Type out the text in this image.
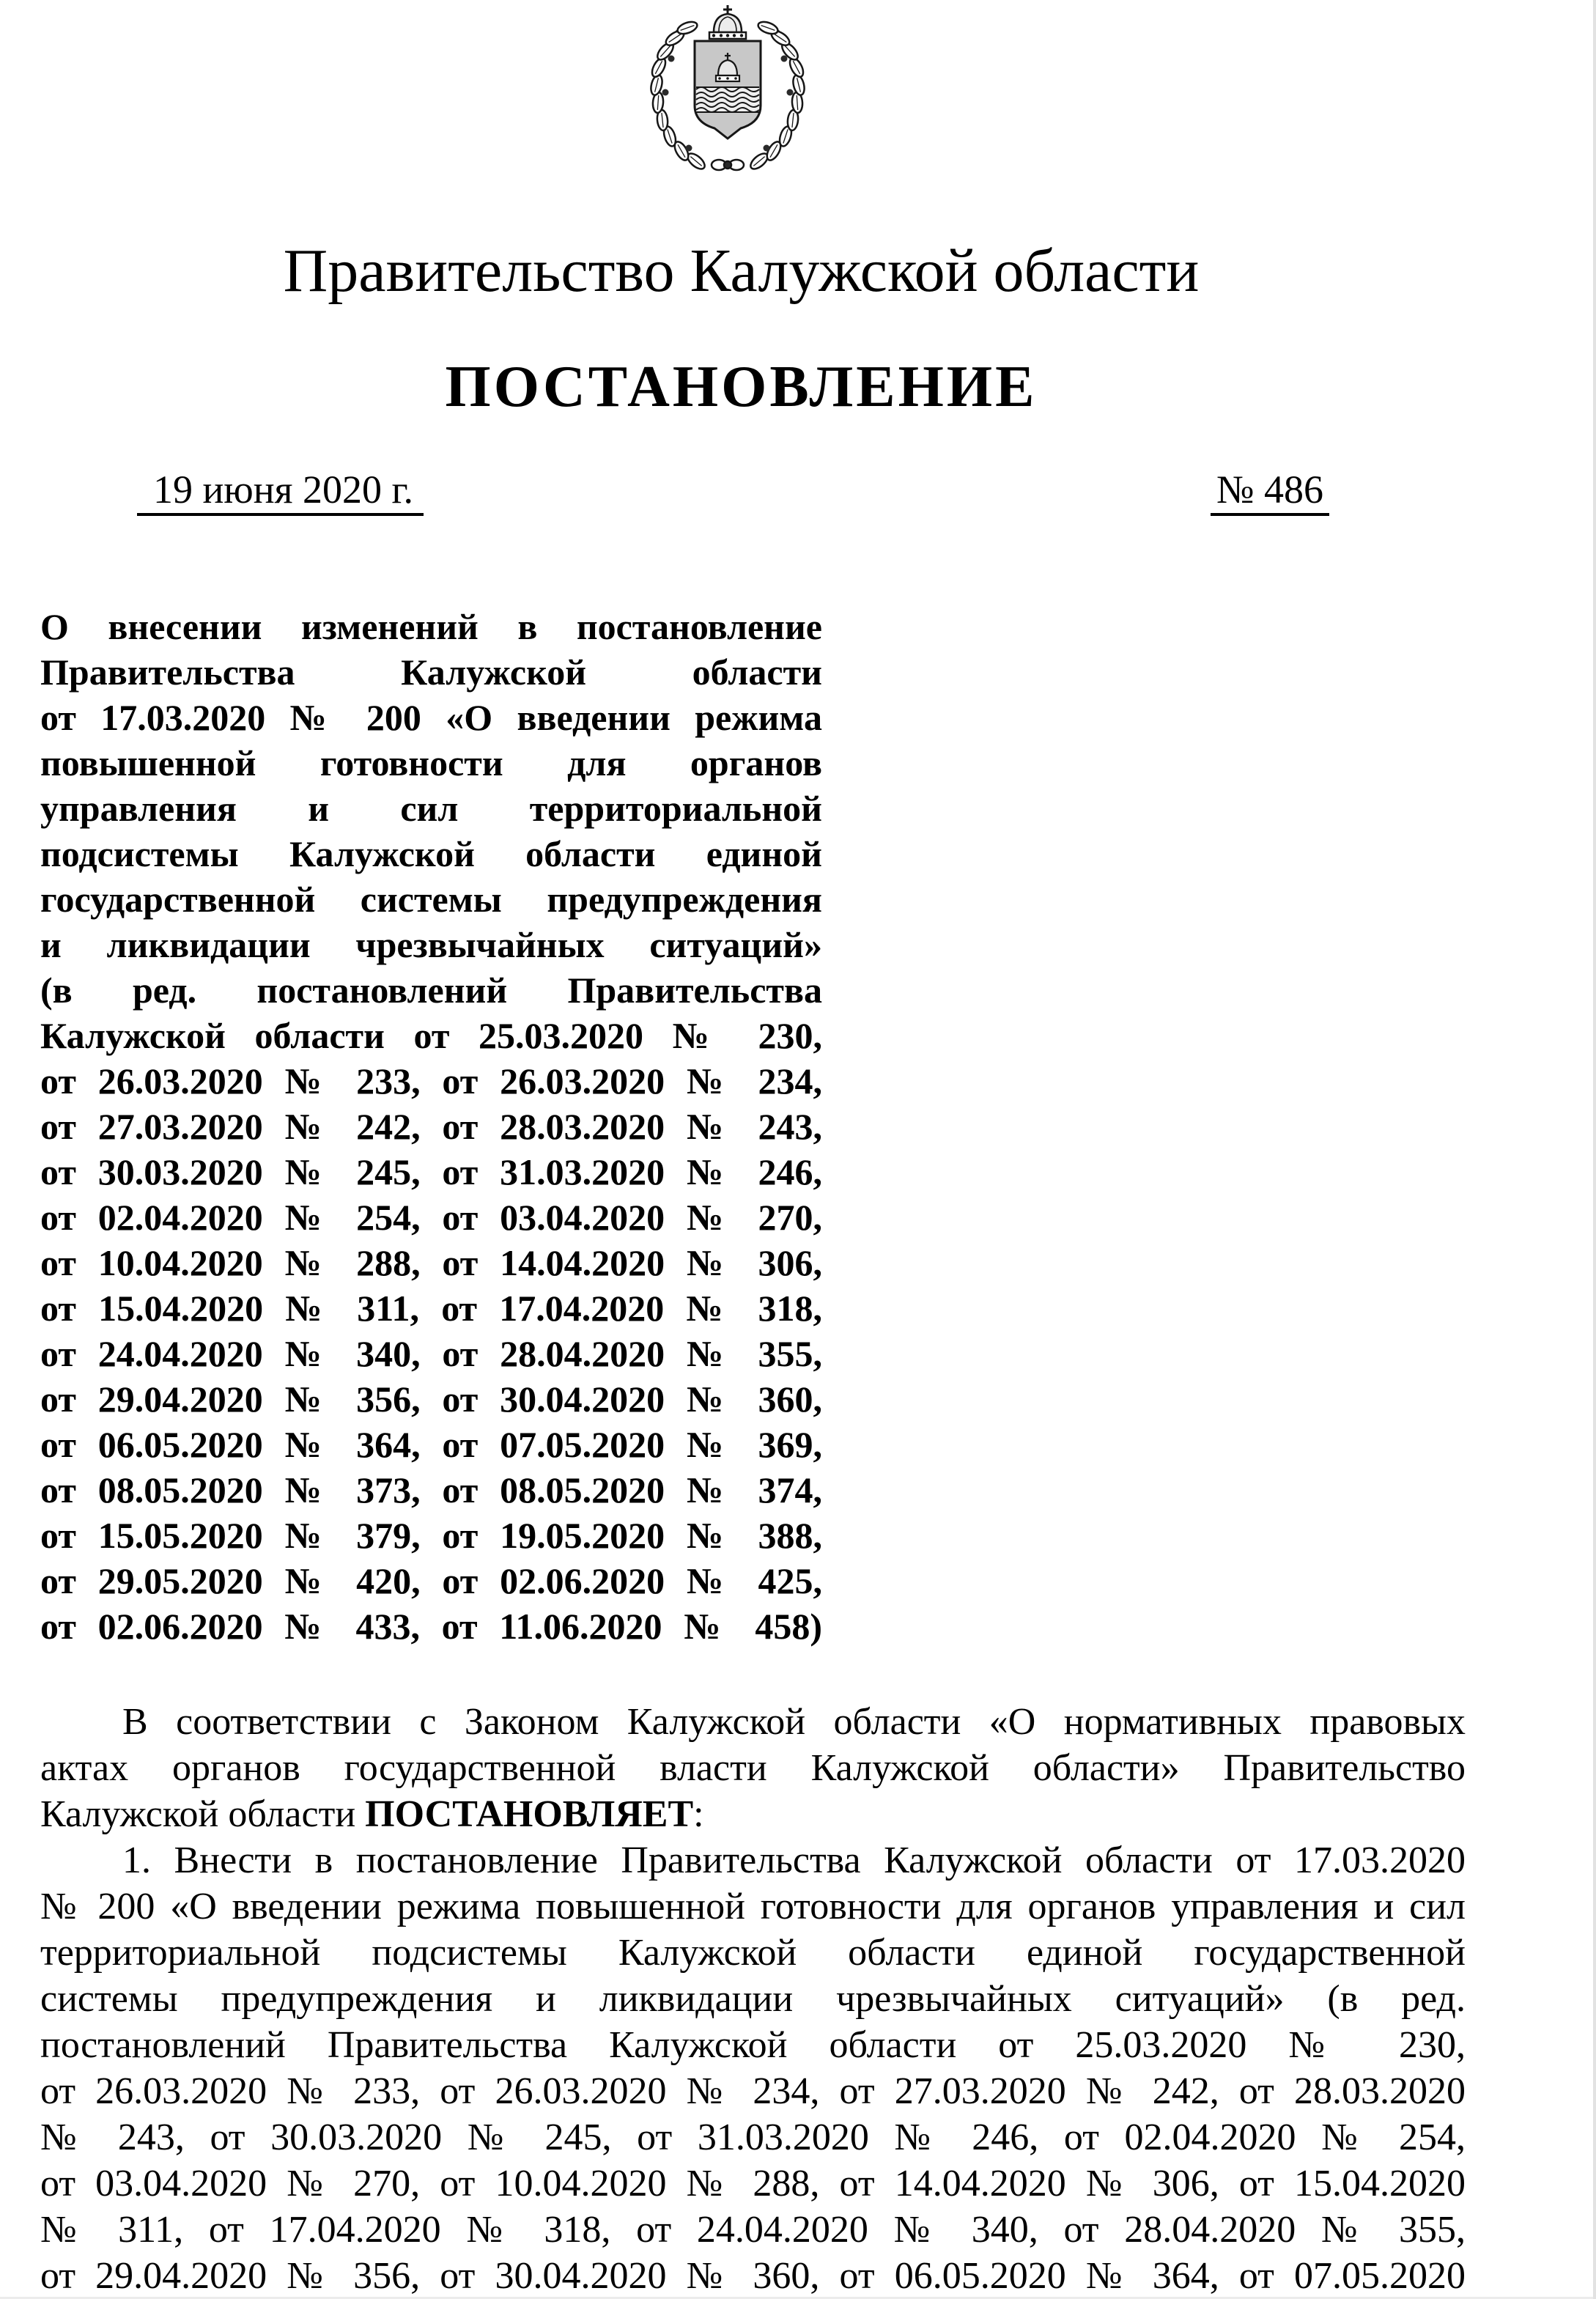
Правительство Калужской области
ПОСТАНОВЛЕНИЕ
19 июня 2020 г.	№ 486
О внесении изменений в постановление
Правительства Калужской области
от 17.03.2020 № 200 «О введении режима
повышенной готовности для органов
управления и сил территориальной
подсистемы Калужской области единой
государственной системы предупреждения
и ликвидации чрезвычайных ситуаций»
(в ред. постановлений Правительства
Калужской области от 25.03.2020 № 230,
от 26.03.2020 № 233, от 26.03.2020 № 234,
от 27.03.2020 № 242, от 28.03.2020 № 243,
от 30.03.2020 № 245, от 31.03.2020 № 246,
от 02.04.2020 № 254, от 03.04.2020 № 270,
от 10.04.2020 № 288, от 14.04.2020 № 306,
от 15.04.2020 № 311, от 17.04.2020 № 318,
от 24.04.2020 № 340, от 28.04.2020 № 355,
от 29.04.2020 № 356, от 30.04.2020 № 360,
от 06.05.2020 № 364, от 07.05.2020 № 369,
от 08.05.2020 № 373, от 08.05.2020 № 374,
от 15.05.2020 № 379, от 19.05.2020 № 388,
от 29.05.2020 № 420, от 02.06.2020 № 425,
от 02.06.2020 № 433, от 11.06.2020 № 458)
В соответствии с Законом Калужской области «О нормативных правовых
актах органов государственной власти Калужской области» Правительство
Калужской области ПОСТАНОВЛЯЕТ:
1. Внести в постановление Правительства Калужской области от 17.03.2020
№ 200 «О введении режима повышенной готовности для органов управления и сил
территориальной подсистемы Калужской области единой государственной
системы предупреждения и ликвидации чрезвычайных ситуаций» (в ред.
постановлений Правительства Калужской области от 25.03.2020 № 230,
от 26.03.2020 № 233, от 26.03.2020 № 234, от 27.03.2020 № 242, от 28.03.2020
№ 243, от 30.03.2020 № 245, от 31.03.2020 № 246, от 02.04.2020 № 254,
от 03.04.2020 № 270, от 10.04.2020 № 288, от 14.04.2020 № 306, от 15.04.2020
№ 311, от 17.04.2020 № 318, от 24.04.2020 № 340, от 28.04.2020 № 355,
от 29.04.2020 № 356, от 30.04.2020 № 360, от 06.05.2020 № 364, от 07.05.2020
